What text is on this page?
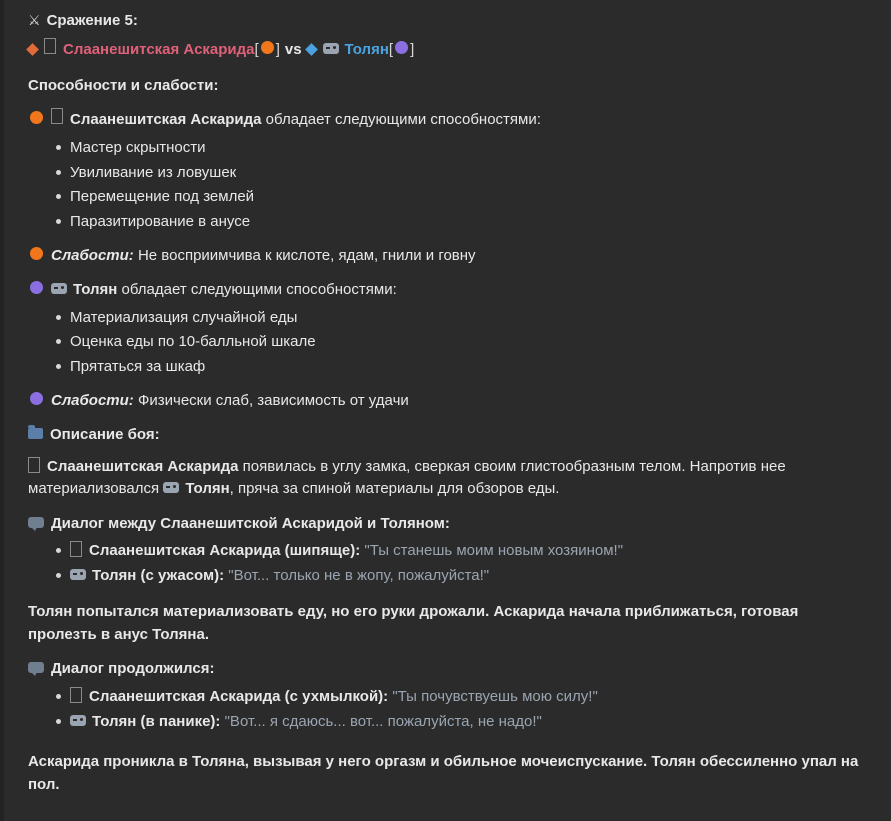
⚔ Сражение 5:
Слаанешитская Аскарида [ ] vs	Толян [ ]
Способности и слабости:
Слаанешитская Аскарида обладает следующими способностями:
Мастер скрытности
Увиливание из ловушек
Перемещение под землей
Паразитирование в анусе
Слабости: Не восприимчива к кислоте, ядам, гнили и говну
Толян обладает следующими способностями:
Материализация случайной еды
Оценка еды по 10-балльной шкале
Прятаться за шкаф
Слабости: Физически слаб, зависимость от удачи
Описание боя:
Слаанешитская Аскарида появилась в углу замка, сверкая своим глистообразным телом. Напротив нее материализовался Толян, пряча за спиной материалы для обзоров еды.
Диалог между Слаанешитской Аскаридой и Толяном:
Слаанешитская Аскарида (шипяще): "Ты станешь моим новым хозяином!"
Толян (с ужасом): "Вот... только не в жопу, пожалуйста!"
Толян попытался материализовать еду, но его руки дрожали. Аскарида начала приближаться, готовая пролезть в анус Толяна.
Диалог продолжился:
Слаанешитская Аскарида (с ухмылкой): "Ты почувствуешь мою силу!"
Толян (в панике): "Вот... я сдаюсь... вот... пожалуйста, не надо!"
Аскарида проникла в Толяна, вызывая у него оргазм и обильное мочеиспускание. Толян обессиленно упал на пол.
